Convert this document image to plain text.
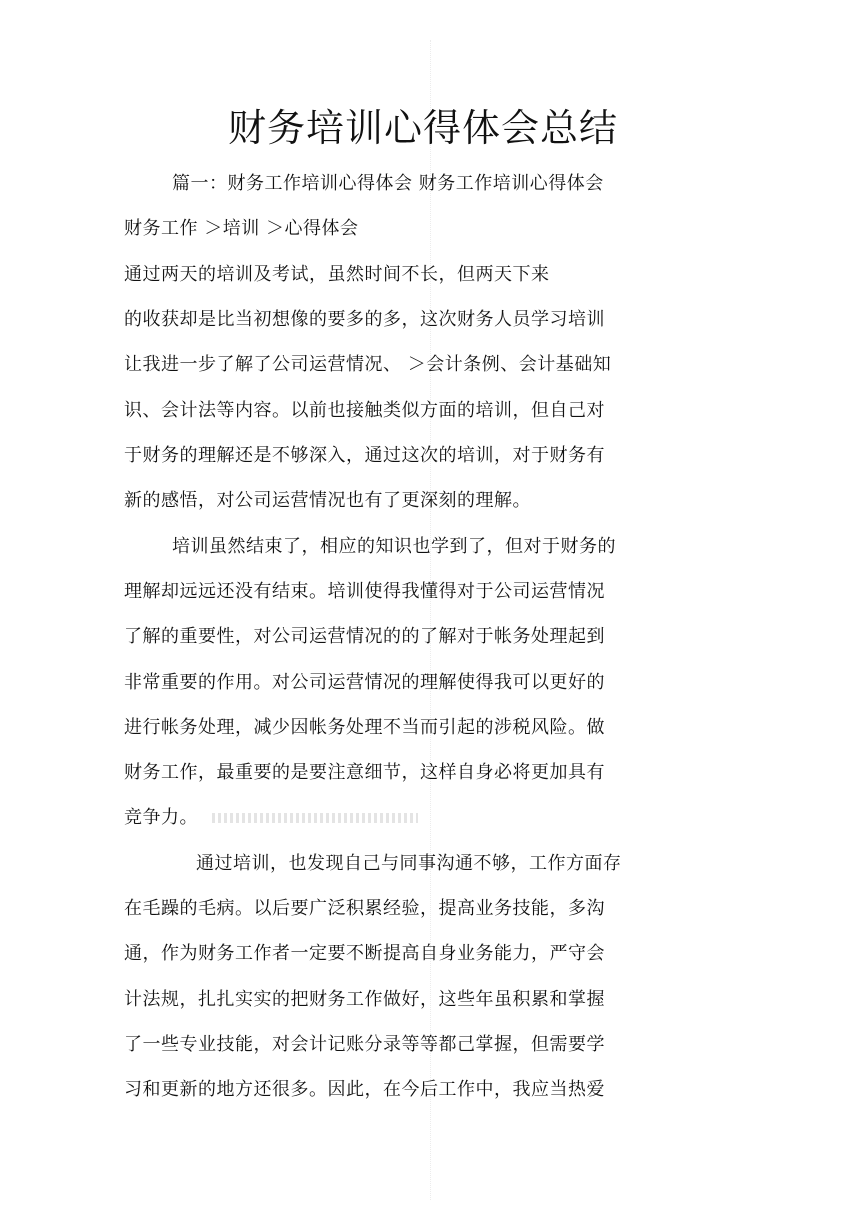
财务培训心得体会总结
篇一：财务工作培训心得体会 财务工作培训心得体会
财务工作 ＞培训 ＞心得体会
通过两天的培训及考试，虽然时间不长，但两天下来
的收获却是比当初想像的要多的多，这次财务人员学习培训
让我进一步了解了公司运营情况、 ＞会计条例、会计基础知
识、会计法等内容。以前也接触类似方面的培训，但自己对
于财务的理解还是不够深入，通过这次的培训，对于财务有
新的感悟，对公司运营情况也有了更深刻的理解。
培训虽然结束了，相应的知识也学到了，但对于财务的
理解却远远还没有结束。培训使得我懂得对于公司运营情况
了解的重要性，对公司运营情况的的了解对于帐务处理起到
非常重要的作用。对公司运营情况的理解使得我可以更好的
进行帐务处理，减少因帐务处理不当而引起的涉税风险。做
财务工作，最重要的是要注意细节，这样自身必将更加具有
竞争力。
通过培训，也发现自己与同事沟通不够，工作方面存
在毛躁的毛病。以后要广泛积累经验，提高业务技能，多沟
通，作为财务工作者一定要不断提高自身业务能力，严守会
计法规，扎扎实实的把财务工作做好，这些年虽积累和掌握
了一些专业技能，对会计记账分录等等都己掌握，但需要学
习和更新的地方还很多。因此，在今后工作中，我应当热爱
